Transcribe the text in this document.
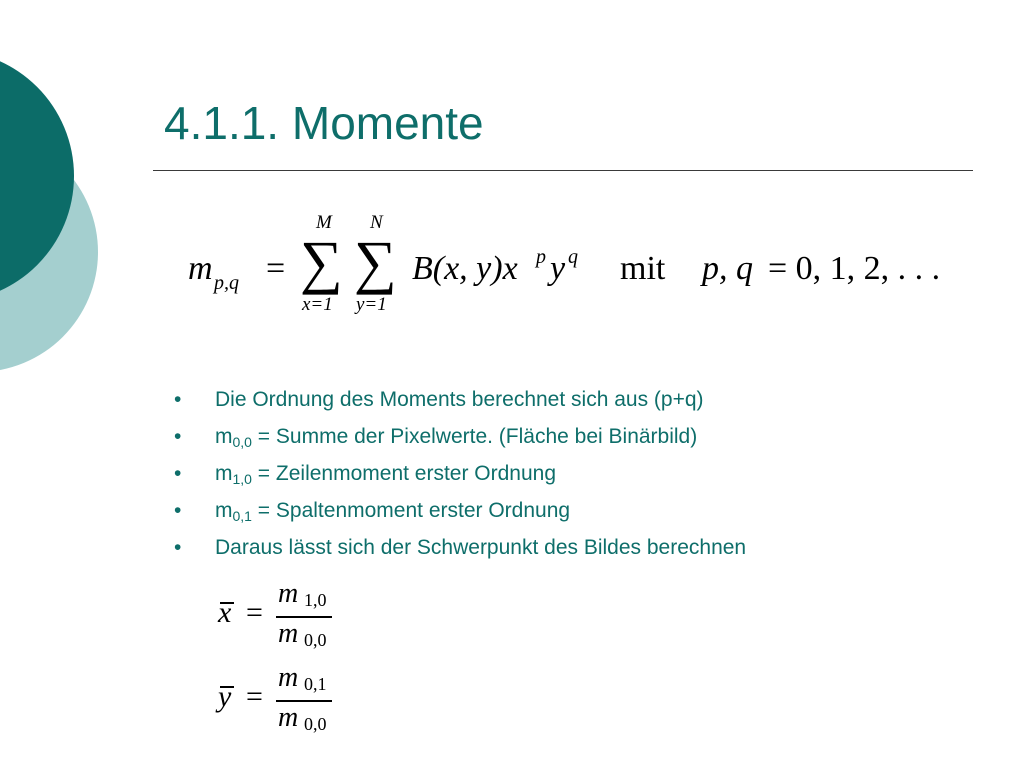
4.1.1. Momente
m p,q =
M
∑
x=1
N
∑
y=1
B(x, y)x p y q mit p, q = 0, 1, 2, . . .
•	Die Ordnung des Moments berechnet sich aus (p+q)
•	$m_{0,0}$ = Summe der Pixelwerte. (Fläche bei Binärbild)
•	$m_{1,0}$ = Zeilenmoment erster Ordnung
•	$m_{0,1}$ = Spaltenmoment erster Ordnung
•	Daraus lässt sich der Schwerpunkt des Bildes berechnen
x =
m 1,0
m 0,0
y =
m 0,1
m 0,0
